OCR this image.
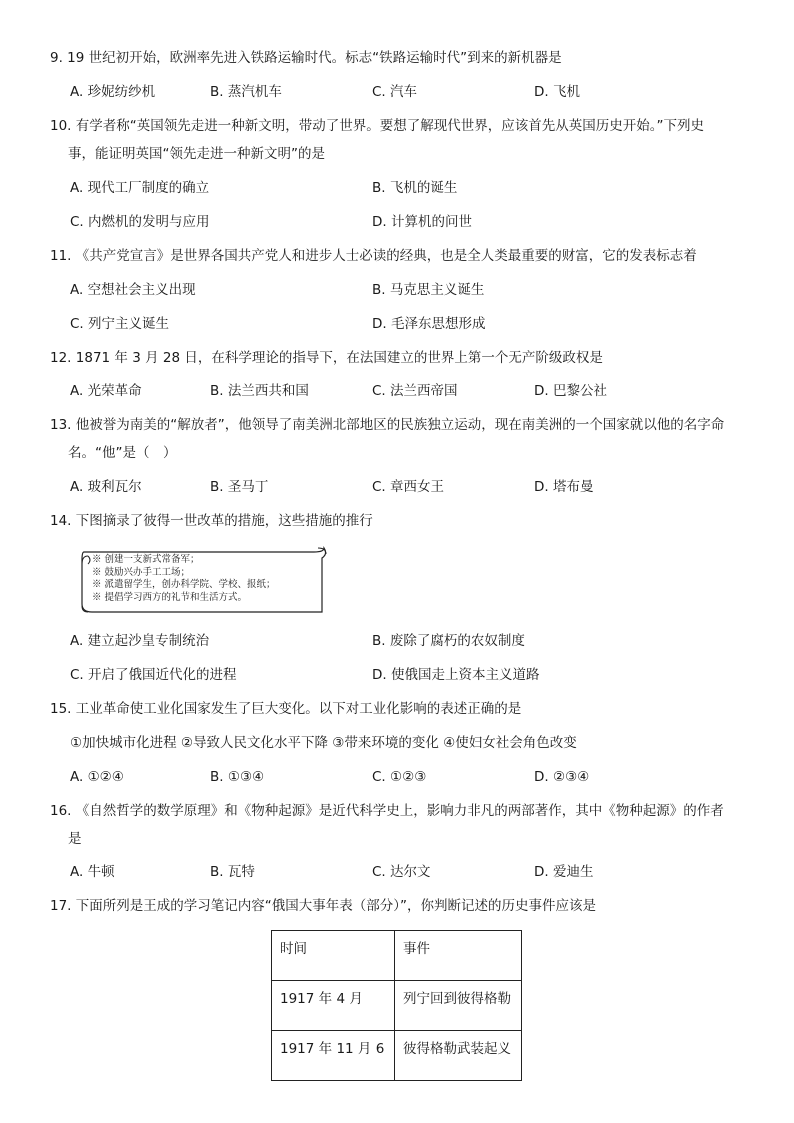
9. 19 世纪初开始，欧洲率先进入铁路运输时代。标志“铁路运输时代”到来的新机器是
A. 珍妮纺纱机	B. 蒸汽机车	C. 汽车	D. 飞机
10. 有学者称“英国领先走进一种新文明，带动了世界。要想了解现代世界，应该首先从英国历史开始。”下列史
事，能证明英国“领先走进一种新文明”的是
A. 现代工厂制度的确立	B. 飞机的诞生
C. 内燃机的发明与应用	D. 计算机的问世
11. 《共产党宣言》是世界各国共产党人和进步人士必读的经典，也是全人类最重要的财富，它的发表标志着
A. 空想社会主义出现	B. 马克思主义诞生
C. 列宁主义诞生	D. 毛泽东思想形成
12. 1871 年 3 月 28 日，在科学理论的指导下，在法国建立的世界上第一个无产阶级政权是
A. 光荣革命	B. 法兰西共和国	C. 法兰西帝国	D. 巴黎公社
13. 他被誉为南美的“解放者”，他领导了南美洲北部地区的民族独立运动，现在南美洲的一个国家就以他的名字命
名。“他”是（　）
A. 玻利瓦尔	B. 圣马丁	C. 章西女王	D. 塔布曼
14. 下图摘录了彼得一世改革的措施，这些措施的推行
※ 创建一支新式常备军；
※ 鼓励兴办手工工场；
※ 派遣留学生，创办科学院、学校、报纸；
※ 提倡学习西方的礼节和生活方式。
A. 建立起沙皇专制统治	B. 废除了腐朽的农奴制度
C. 开启了俄国近代化的进程	D. 使俄国走上资本主义道路
15. 工业革命使工业化国家发生了巨大变化。以下对工业化影响的表述正确的是
①加快城市化进程 ②导致人民文化水平下降 ③带来环境的变化 ④使妇女社会角色改变
A. ①②④	B. ①③④	C. ①②③	D. ②③④
16. 《自然哲学的数学原理》和《物种起源》是近代科学史上，影响力非凡的两部著作，其中《物种起源》的作者
是
A. 牛顿	B. 瓦特	C. 达尔文	D. 爱迪生
17. 下面所列是王成的学习笔记内容“俄国大事年表（部分）”，你判断记述的历史事件应该是
时间	事件
1917 年 4 月	列宁回到彼得格勒
1917 年 11 月 6	彼得格勒武装起义
